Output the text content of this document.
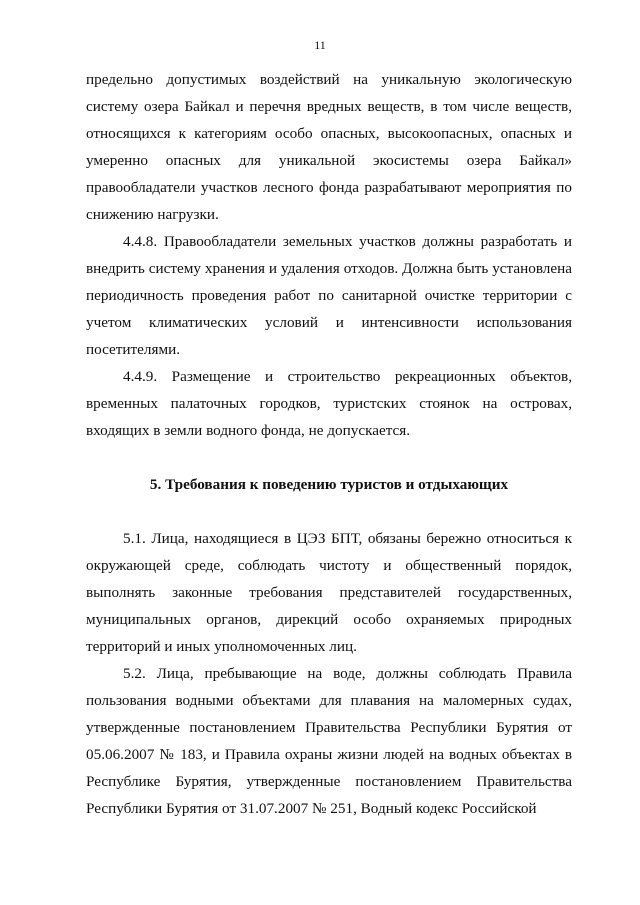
11

предельно допустимых воздействий на уникальную экологическую систему озера Байкал и перечня вредных веществ, в том числе веществ, относящихся к категориям особо опасных, высокоопасных, опасных и умеренно опасных для уникальной экосистемы озера Байкал» правообладатели участков лесного фонда разрабатывают мероприятия по снижению нагрузки.

4.4.8. Правообладатели земельных участков должны разработать и внедрить систему хранения и удаления отходов. Должна быть установлена периодичность проведения работ по санитарной очистке территории с учетом климатических условий и интенсивности использования посетителями.

4.4.9. Размещение и строительство рекреационных объектов, временных палаточных городков, туристских стоянок на островах, входящих в земли водного фонда, не допускается.

5. Требования к поведению туристов и отдыхающих

5.1. Лица, находящиеся в ЦЭЗ БПТ, обязаны бережно относиться к окружающей среде, соблюдать чистоту и общественный порядок, выполнять законные требования представителей государственных, муниципальных органов, дирекций особо охраняемых природных территорий и иных уполномоченных лиц.

5.2. Лица, пребывающие на воде, должны соблюдать Правила пользования водными объектами для плавания на маломерных судах, утвержденные постановлением Правительства Республики Бурятия от 05.06.2007 № 183, и Правила охраны жизни людей на водных объектах в Республике Бурятия, утвержденные постановлением Правительства Республики Бурятия от 31.07.2007 № 251, Водный кодекс Российской
